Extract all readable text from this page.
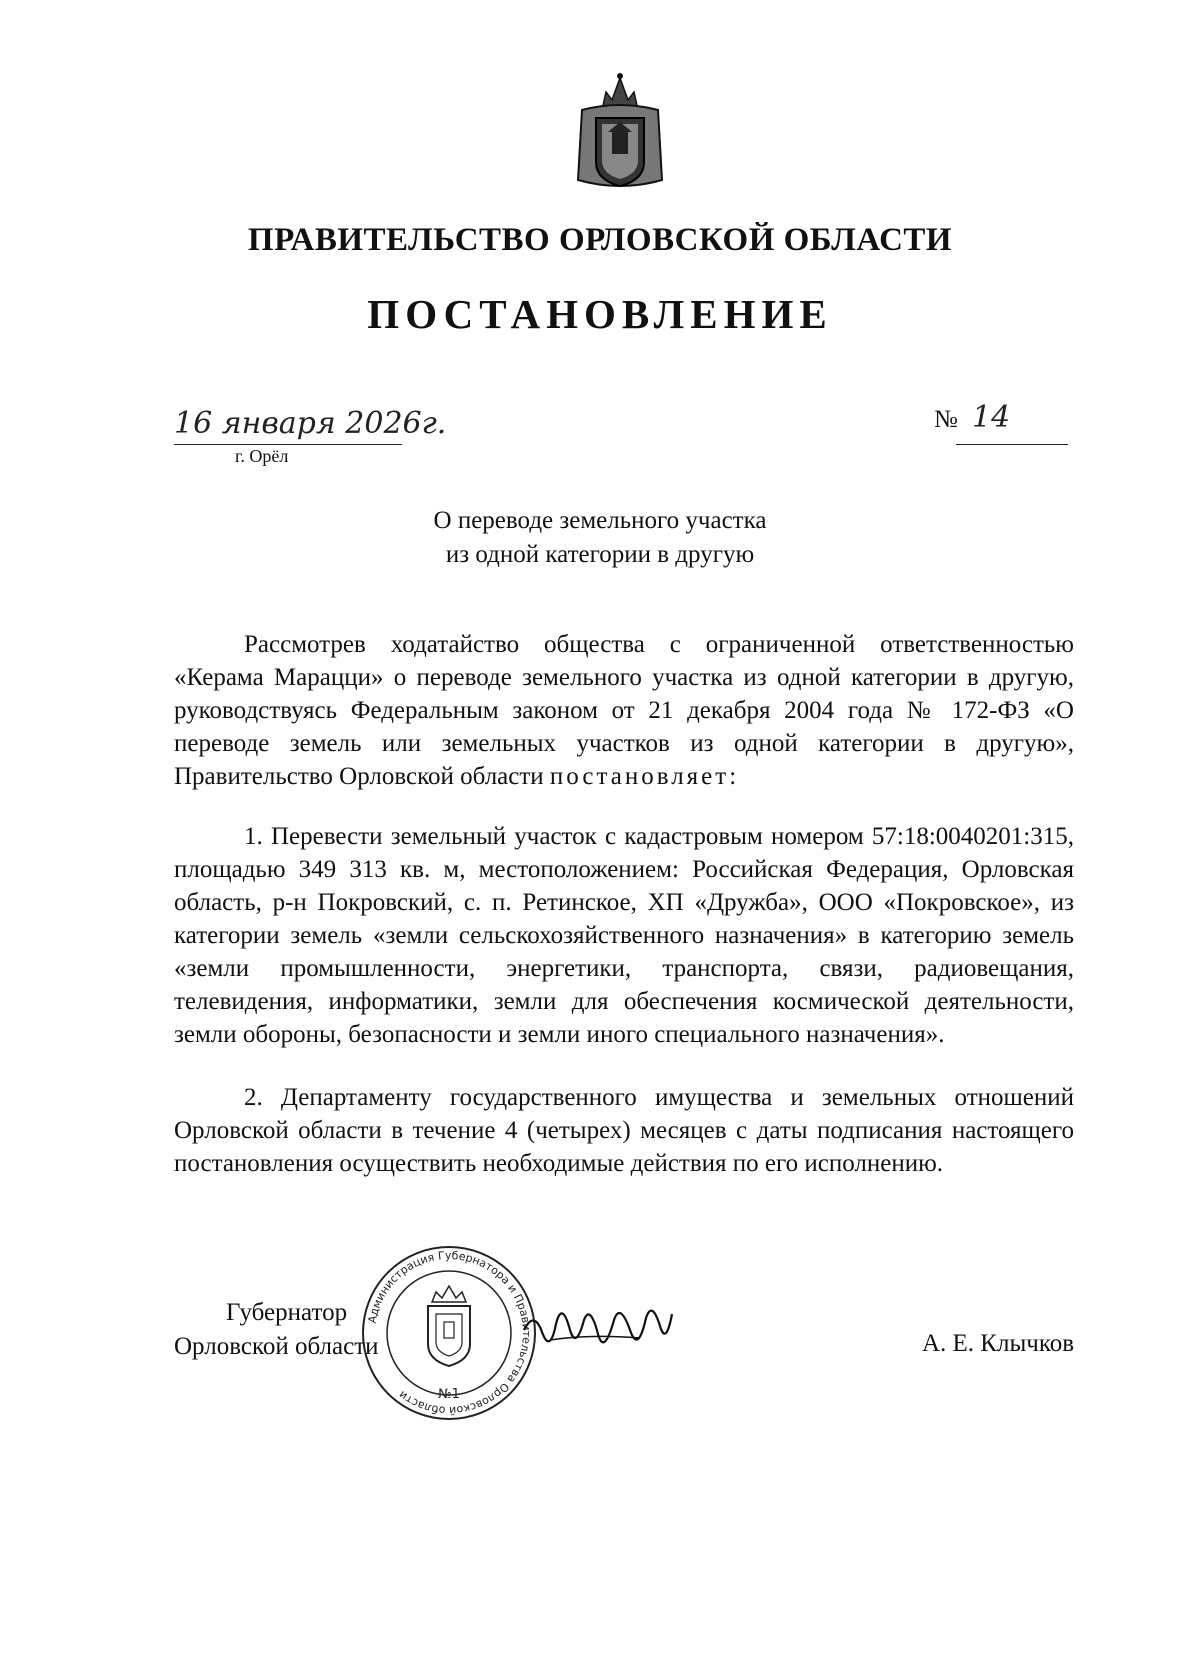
ПРАВИТЕЛЬСТВО ОРЛОВСКОЙ ОБЛАСТИ
ПОСТАНОВЛЕНИЕ
16 января 2026г.
г. Орёл
№ 14
О переводе земельного участка
из одной категории в другую
Рассмотрев ходатайство общества с ограниченной ответственностью «Керама Марацци» о переводе земельного участка из одной категории в другую, руководствуясь Федеральным законом от 21 декабря 2004 года № 172-ФЗ «О переводе земель или земельных участков из одной категории в другую», Правительство Орловской области постановляет:
1. Перевести земельный участок с кадастровым номером 57:18:0040201:315, площадью 349 313 кв. м, местоположением: Российская Федерация, Орловская область, р-н Покровский, с. п. Ретинское, ХП «Дружба», ООО «Покровское», из категории земель «земли сельскохозяйственного назначения» в категорию земель «земли промышленности, энергетики, транспорта, связи, радиовещания, телевидения, информатики, земли для обеспечения космической деятельности, земли обороны, безопасности и земли иного специального назначения».
2. Департаменту государственного имущества и земельных отношений Орловской области в течение 4 (четырех) месяцев с даты подписания настоящего постановления осуществить необходимые действия по его исполнению.
Губернатор
Орловской области
Администрация Губернатора и Правительства Орловской области	№1
А. Е. Клычков
